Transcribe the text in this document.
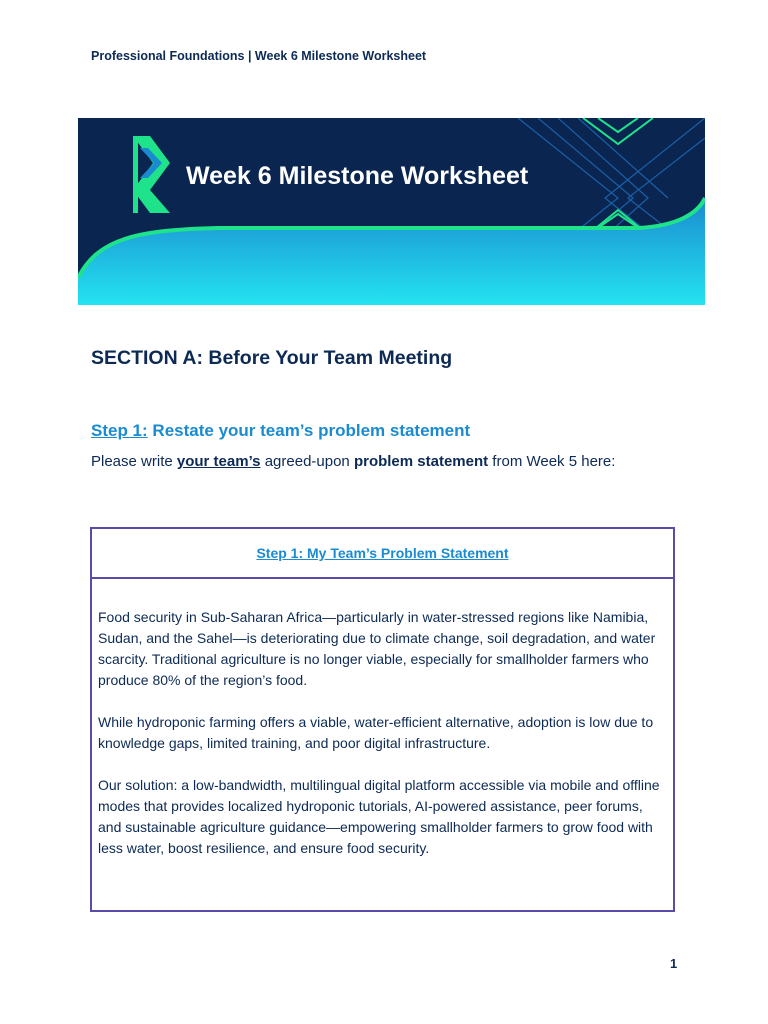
Professional Foundations | Week 6 Milestone Worksheet
Week 6 Milestone Worksheet
SECTION A: Before Your Team Meeting
Step 1: Restate your team’s problem statement
Please write your team’s agreed-upon problem statement from Week 5 here:
Step 1: My Team’s Problem Statement

Food security in Sub-Saharan Africa—particularly in water-stressed regions like Namibia, Sudan, and the Sahel—is deteriorating due to climate change, soil degradation, and water scarcity. Traditional agriculture is no longer viable, especially for smallholder farmers who produce 80% of the region’s food.

While hydroponic farming offers a viable, water-efficient alternative, adoption is low due to knowledge gaps, limited training, and poor digital infrastructure.

Our solution: a low-bandwidth, multilingual digital platform accessible via mobile and offline modes that provides localized hydroponic tutorials, AI-powered assistance, peer forums, and sustainable agriculture guidance—empowering smallholder farmers to grow food with less water, boost resilience, and ensure food security.

1
